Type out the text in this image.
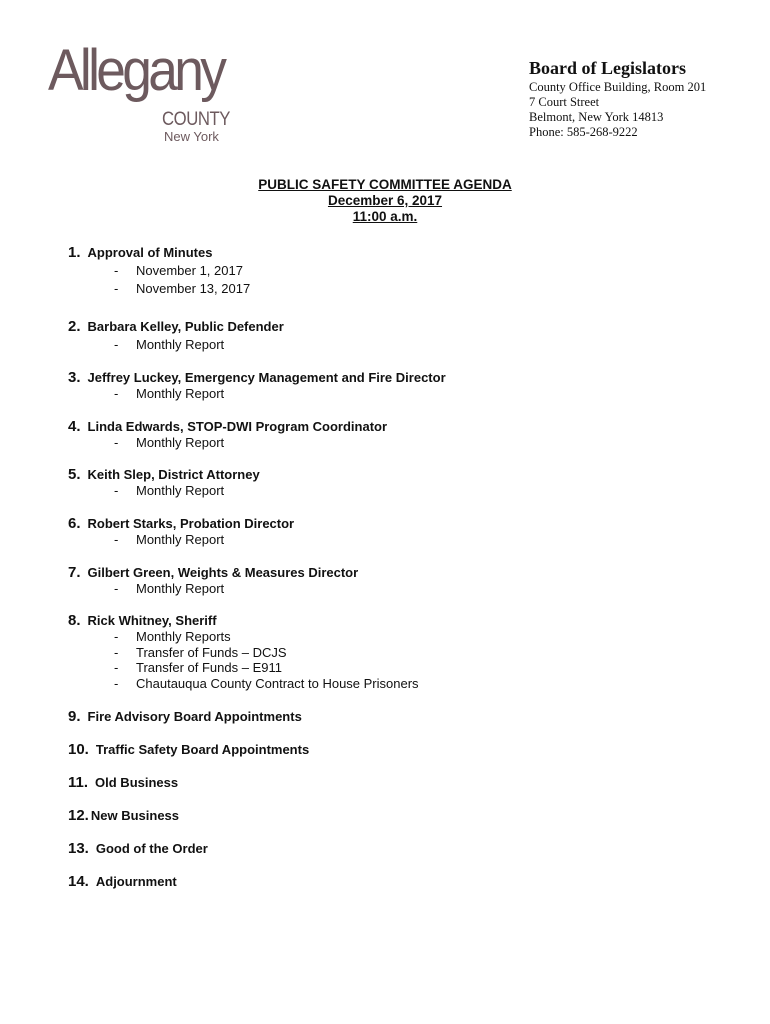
Allegany
COUNTY
New York
Board of Legislators
County Office Building, Room 201
7 Court Street
Belmont, New York 14813
Phone: 585-268-9222
PUBLIC SAFETY COMMITTEE AGENDA
December 6, 2017
11:00 a.m.
1. Approval of Minutes
- November 1, 2017
- November 13, 2017
2. Barbara Kelley, Public Defender
- Monthly Report
3. Jeffrey Luckey, Emergency Management and Fire Director
- Monthly Report
4. Linda Edwards, STOP-DWI Program Coordinator
- Monthly Report
5. Keith Slep, District Attorney
- Monthly Report
6. Robert Starks, Probation Director
- Monthly Report
7. Gilbert Green, Weights & Measures Director
- Monthly Report
8. Rick Whitney, Sheriff
- Monthly Reports
- Transfer of Funds – DCJS
- Transfer of Funds – E911
- Chautauqua County Contract to House Prisoners
9. Fire Advisory Board Appointments
10. Traffic Safety Board Appointments
11. Old Business
12. New Business
13. Good of the Order
14. Adjournment
